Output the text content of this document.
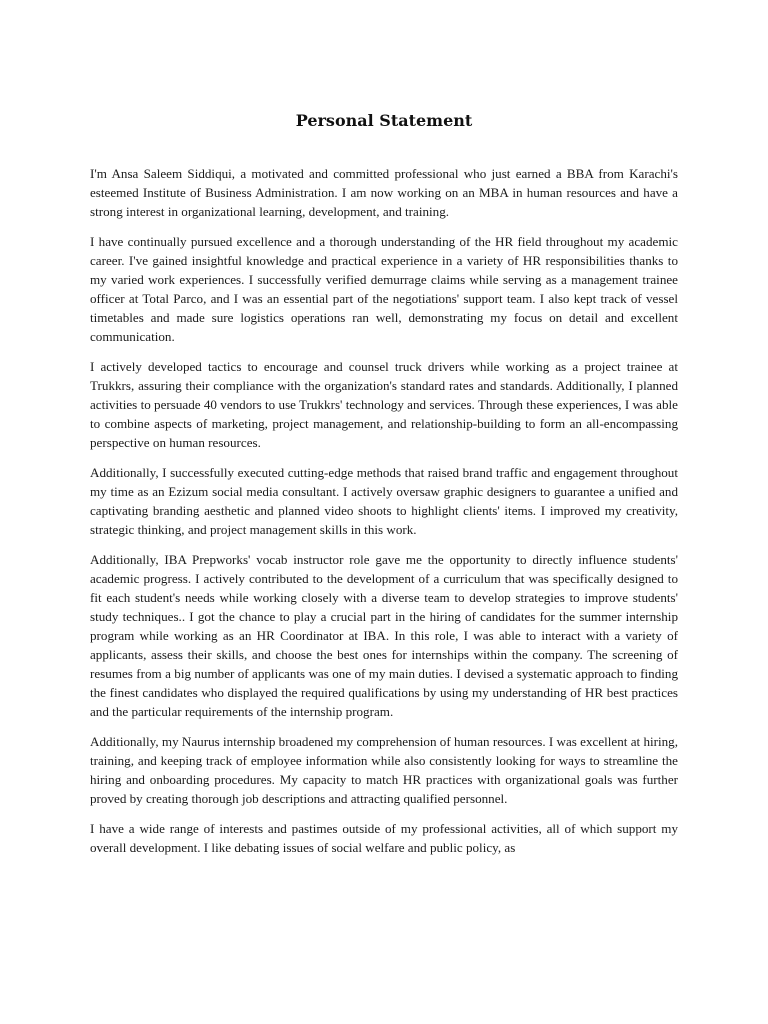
Personal Statement

I'm Ansa Saleem Siddiqui, a motivated and committed professional who just earned a BBA from Karachi's esteemed Institute of Business Administration. I am now working on an MBA in human resources and have a strong interest in organizational learning, development, and training.

I have continually pursued excellence and a thorough understanding of the HR field throughout my academic career. I've gained insightful knowledge and practical experience in a variety of HR responsibilities thanks to my varied work experiences. I successfully verified demurrage claims while serving as a management trainee officer at Total Parco, and I was an essential part of the negotiations' support team. I also kept track of vessel timetables and made sure logistics operations ran well, demonstrating my focus on detail and excellent communication.

I actively developed tactics to encourage and counsel truck drivers while working as a project trainee at Trukkrs, assuring their compliance with the organization's standard rates and standards. Additionally, I planned activities to persuade 40 vendors to use Trukkrs' technology and services. Through these experiences, I was able to combine aspects of marketing, project management, and relationship-building to form an all-encompassing perspective on human resources.

Additionally, I successfully executed cutting-edge methods that raised brand traffic and engagement throughout my time as an Ezizum social media consultant. I actively oversaw graphic designers to guarantee a unified and captivating branding aesthetic and planned video shoots to highlight clients' items. I improved my creativity, strategic thinking, and project management skills in this work.

Additionally, IBA Prepworks' vocab instructor role gave me the opportunity to directly influence students' academic progress. I actively contributed to the development of a curriculum that was specifically designed to fit each student's needs while working closely with a diverse team to develop strategies to improve students' study techniques.. I got the chance to play a crucial part in the hiring of candidates for the summer internship program while working as an HR Coordinator at IBA. In this role, I was able to interact with a variety of applicants, assess their skills, and choose the best ones for internships within the company. The screening of resumes from a big number of applicants was one of my main duties. I devised a systematic approach to finding the finest candidates who displayed the required qualifications by using my understanding of HR best practices and the particular requirements of the internship program.

Additionally, my Naurus internship broadened my comprehension of human resources. I was excellent at hiring, training, and keeping track of employee information while also consistently looking for ways to streamline the hiring and onboarding procedures. My capacity to match HR practices with organizational goals was further proved by creating thorough job descriptions and attracting qualified personnel.

I have a wide range of interests and pastimes outside of my professional activities, all of which support my overall development. I like debating issues of social welfare and public policy, as
